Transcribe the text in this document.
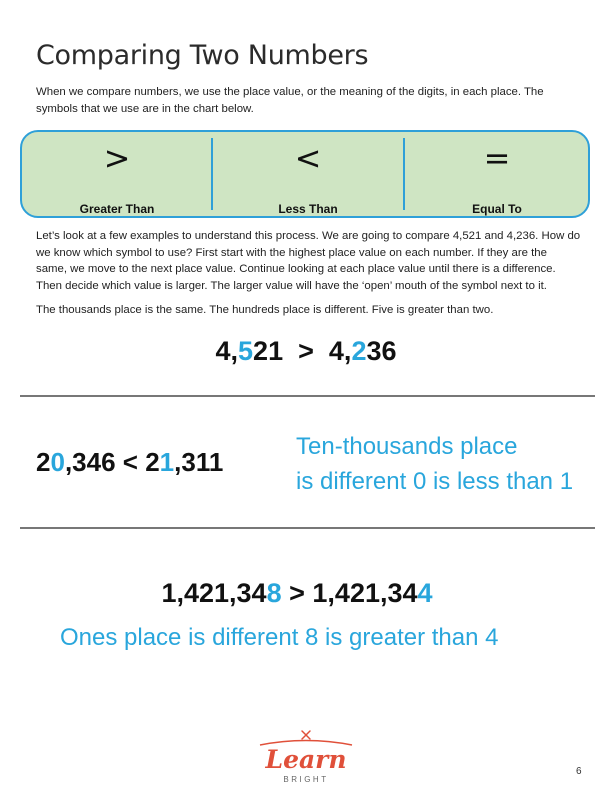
Comparing Two Numbers

When we compare numbers, we use the place value, or the meaning of the digits, in each place. The symbols that we use are in the chart below.

>
Greater Than
<
Less Than
=
Equal To

Let’s look at a few examples to understand this process. We are going to compare 4,521 and 4,236. How do we know which symbol to use? First start with the highest place value on each number. If they are the same, we move to the next place value. Continue looking at each place value until there is a difference. Then decide which value is larger. The larger value will have the ‘open’ mouth of the symbol next to it.

The thousands place is the same. The hundreds place is different. Five is greater than two.

4,521 > 4,236
20,346 < 21,311

Ten-thousands place
is different 0 is less than 1

1,421,348 > 1,421,344

Ones place is different 8 is greater than 4

Learn
BRIGHT
6
